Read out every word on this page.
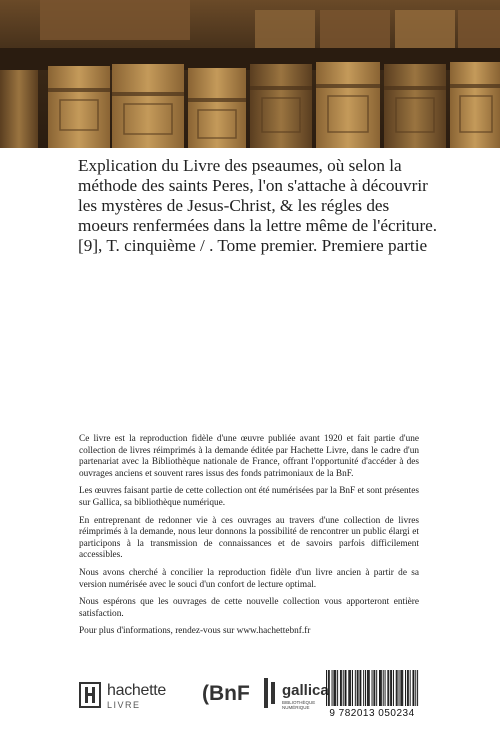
Explication du Livre des pseaumes, où selon la méthode des saints Peres, l'on s'attache à découvrir les mystères de Jesus-Christ, & les régles des moeurs renfermées dans la lettre même de l'écriture. [9], T. cinquième / . Tome premier. Premiere partie

Ce livre est la reproduction fidèle d'une œuvre publiée avant 1920 et fait partie d'une collection de livres réimprimés à la demande éditée par Hachette Livre, dans le cadre d'un partenariat avec la Bibliothèque nationale de France, offrant l'opportunité d'accéder à des ouvrages anciens et souvent rares issus des fonds patrimoniaux de la BnF.

Les œuvres faisant partie de cette collection ont été numérisées par la BnF et sont présentes sur Gallica, sa bibliothèque numérique.

En entreprenant de redonner vie à ces ouvrages au travers d'une collection de livres réimprimés à la demande, nous leur donnons la possibilité de rencontrer un public élargi et participons à la transmission de connaissances et de savoirs parfois difficilement accessibles.

Nous avons cherché à concilier la reproduction fidèle d'un livre ancien à partir de sa version numérisée avec le souci d'un confort de lecture optimal.

Nous espérons que les ouvrages de cette nouvelle collection vous apporteront entière satisfaction.

Pour plus d'informations, rendez-vous sur www.hachettebnf.fr

hachette
LIVRE	(BnF gallica
BIBLIOTHÈQUE NUMÉRIQUE
9 782013 050234
